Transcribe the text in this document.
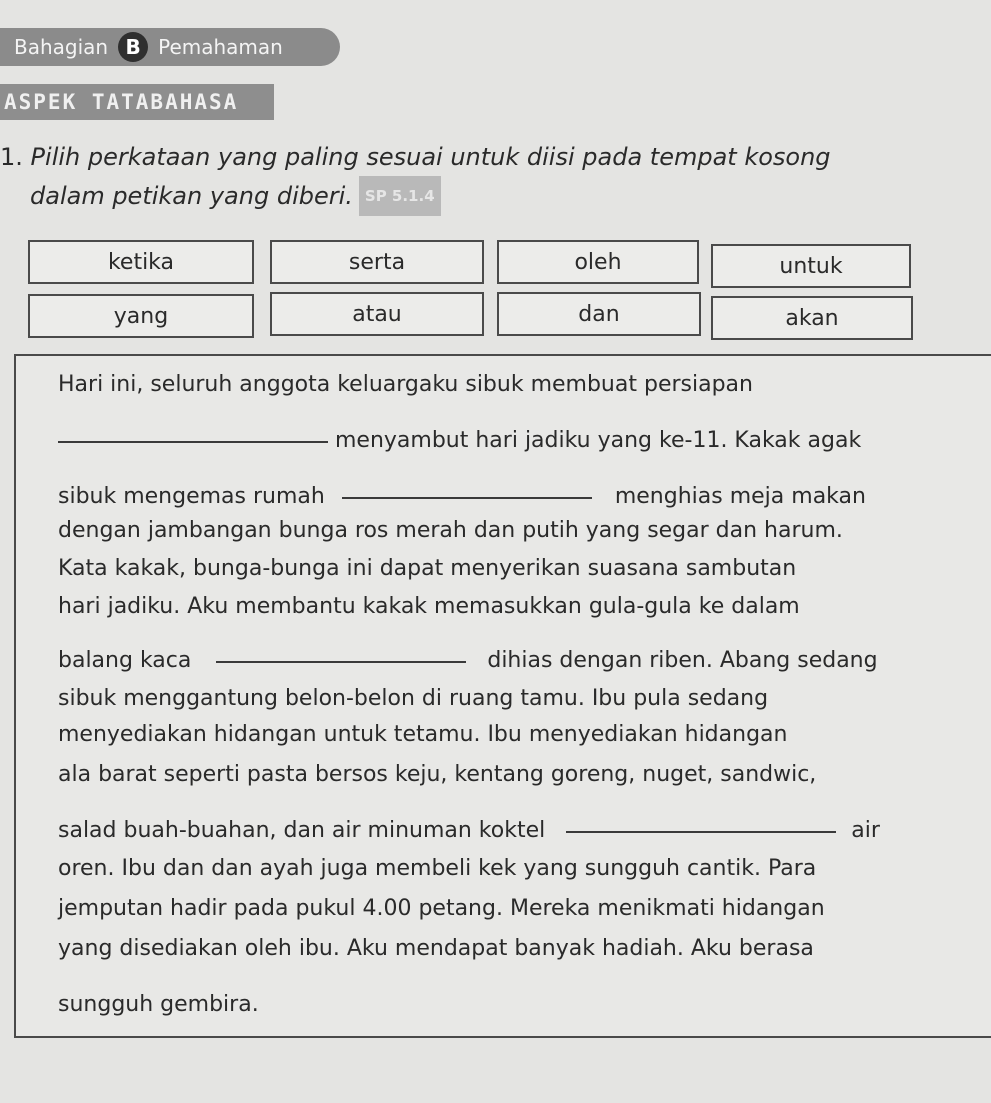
Bahagian B Pemahaman
ASPEK TATABAHASA
1. Pilih perkataan yang paling sesuai untuk diisi pada tempat kosong
dalam petikan yang diberi. SP 5.1.4
ketika	serta	oleh	untuk
yang	atau	dan	akan
Hari ini, seluruh anggota keluargaku sibuk membuat persiapan
menyambut hari jadiku yang ke-11. Kakak agak
sibuk mengemas rumah	menghias meja makan
dengan jambangan bunga ros merah dan putih yang segar dan harum.
Kata kakak, bunga-bunga ini dapat menyerikan suasana sambutan
hari jadiku. Aku membantu kakak memasukkan gula-gula ke dalam
balang kaca	dihias dengan riben. Abang sedang
sibuk menggantung belon-belon di ruang tamu. Ibu pula sedang
menyediakan hidangan untuk tetamu. Ibu menyediakan hidangan
ala barat seperti pasta bersos keju, kentang goreng, nuget, sandwic,
salad buah-buahan, dan air minuman koktel	air
oren. Ibu dan dan ayah juga membeli kek yang sungguh cantik. Para
jemputan hadir pada pukul 4.00 petang. Mereka menikmati hidangan
yang disediakan oleh ibu. Aku mendapat banyak hadiah. Aku berasa
sungguh gembira.
